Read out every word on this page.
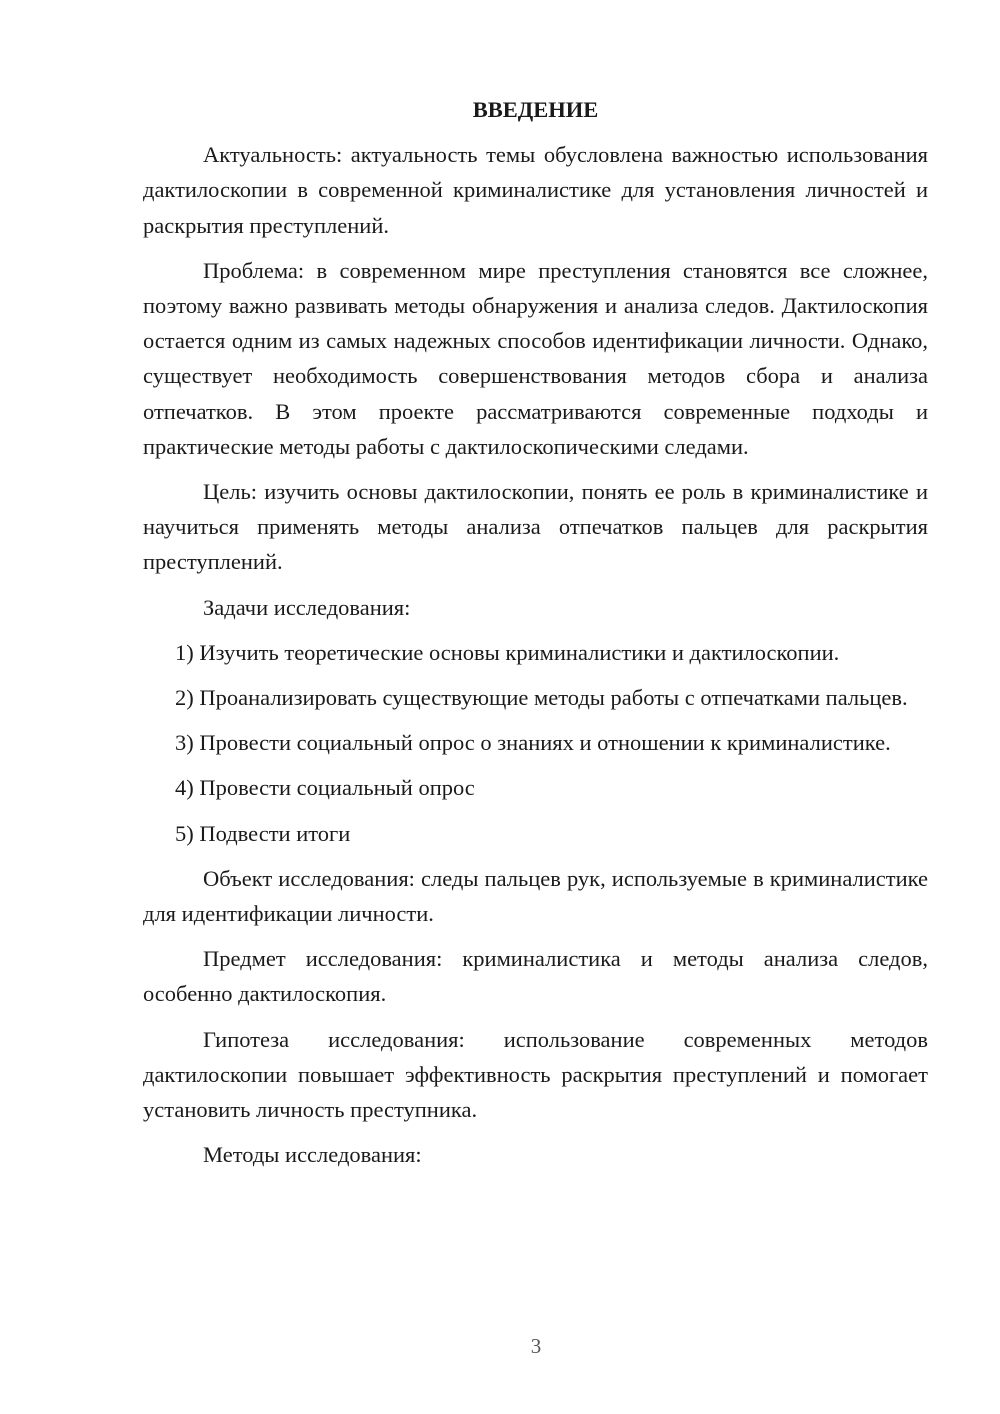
ВВЕДЕНИЕ

Актуальность: актуальность темы обусловлена важностью использования дактилоскопии в современной криминалистике для установления личностей и раскрытия преступлений.

Проблема: в современном мире преступления становятся все сложнее, поэтому важно развивать методы обнаружения и анализа следов. Дактилоскопия остается одним из самых надежных способов идентификации личности. Однако, существует необходимость совершенствования методов сбора и анализа отпечатков. В этом проекте рассматриваются современные подходы и практические методы работы с дактилоскопическими следами.

Цель: изучить основы дактилоскопии, понять ее роль в криминалистике и научиться применять методы анализа отпечатков пальцев для раскрытия преступлений.

Задачи исследования:

1) Изучить теоретические основы криминалистики и дактилоскопии.

2) Проанализировать существующие методы работы с отпечатками пальцев.

3) Провести социальный опрос о знаниях и отношении к криминалистике.

4) Провести социальный опрос

5) Подвести итоги

Объект исследования: следы пальцев рук, используемые в криминалистике для идентификации личности.

Предмет исследования: криминалистика и методы анализа следов, особенно дактилоскопия.

Гипотеза исследования: использование современных методов дактилоскопии повышает эффективность раскрытия преступлений и помогает установить личность преступника.

Методы исследования:

3
